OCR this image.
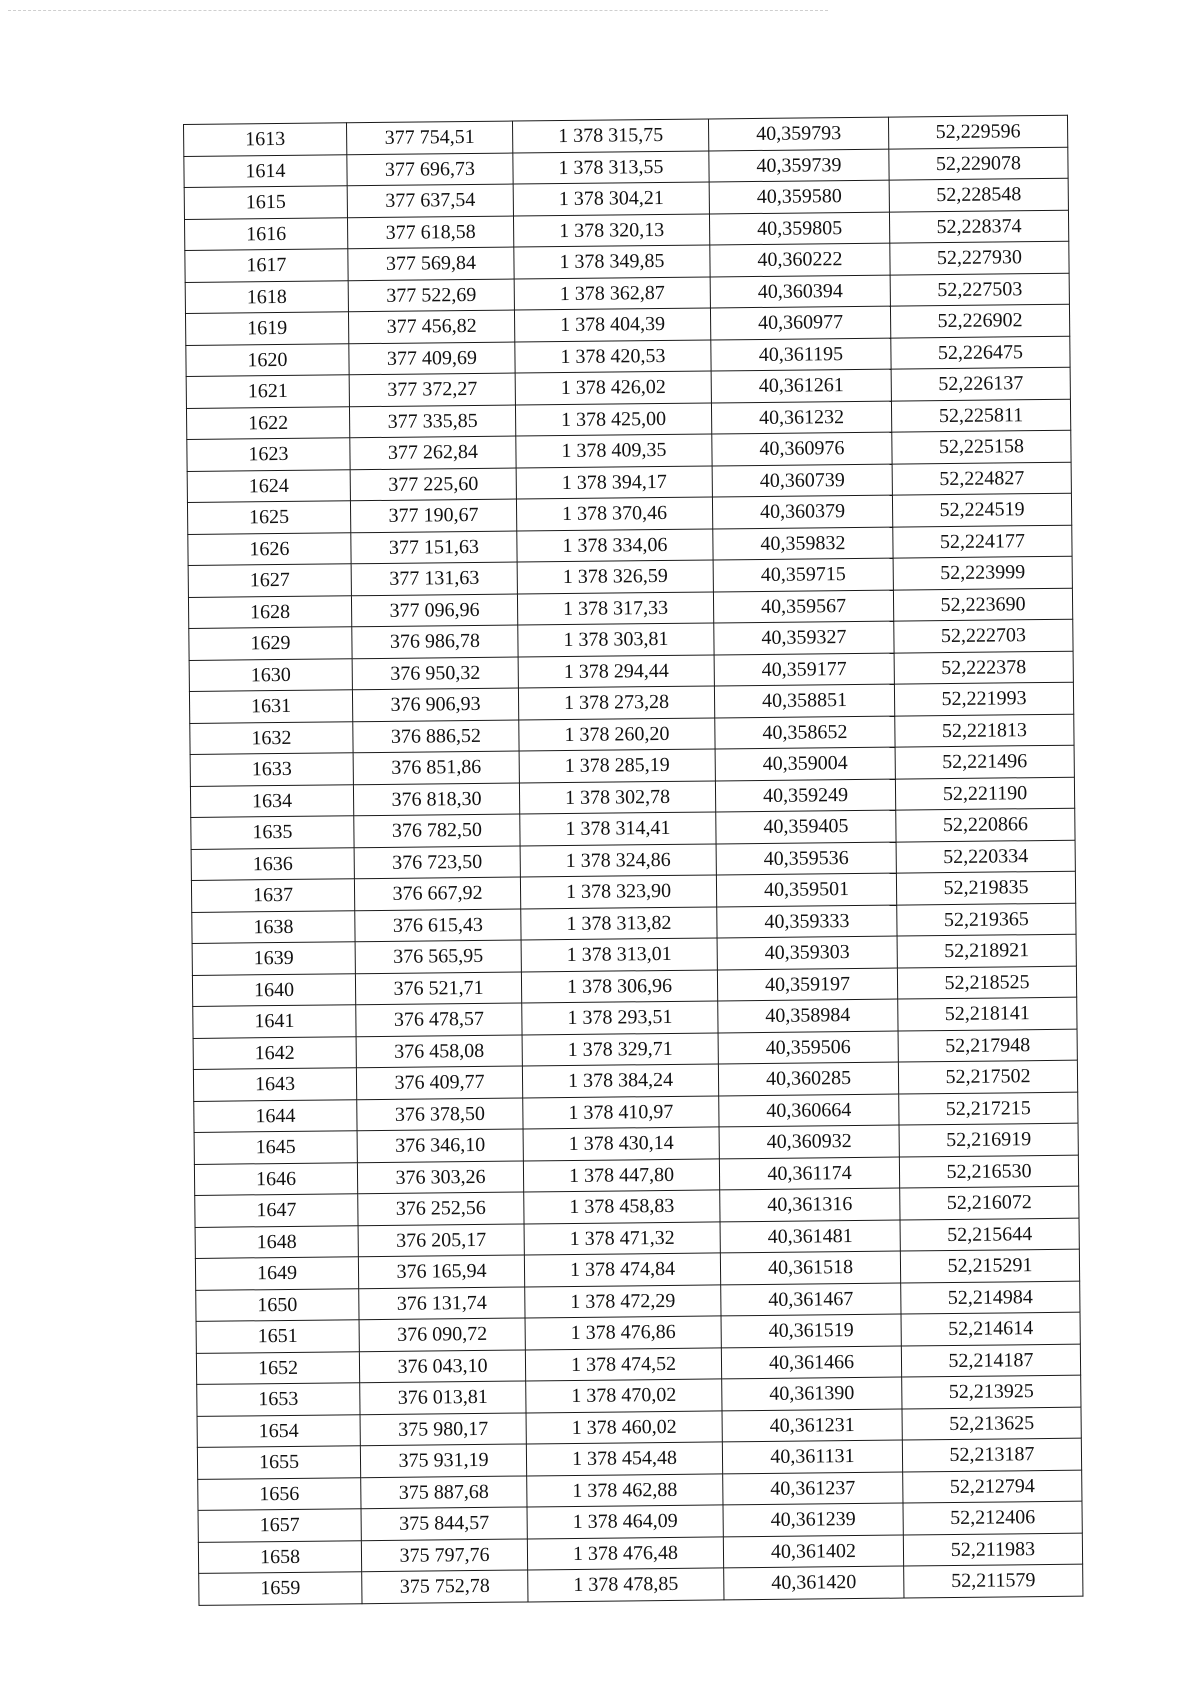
1613	377 754,51	1 378 315,75	40,359793	52,229596
1614	377 696,73	1 378 313,55	40,359739	52,229078
1615	377 637,54	1 378 304,21	40,359580	52,228548
1616	377 618,58	1 378 320,13	40,359805	52,228374
1617	377 569,84	1 378 349,85	40,360222	52,227930
1618	377 522,69	1 378 362,87	40,360394	52,227503
1619	377 456,82	1 378 404,39	40,360977	52,226902
1620	377 409,69	1 378 420,53	40,361195	52,226475
1621	377 372,27	1 378 426,02	40,361261	52,226137
1622	377 335,85	1 378 425,00	40,361232	52,225811
1623	377 262,84	1 378 409,35	40,360976	52,225158
1624	377 225,60	1 378 394,17	40,360739	52,224827
1625	377 190,67	1 378 370,46	40,360379	52,224519
1626	377 151,63	1 378 334,06	40,359832	52,224177
1627	377 131,63	1 378 326,59	40,359715	52,223999
1628	377 096,96	1 378 317,33	40,359567	52,223690
1629	376 986,78	1 378 303,81	40,359327	52,222703
1630	376 950,32	1 378 294,44	40,359177	52,222378
1631	376 906,93	1 378 273,28	40,358851	52,221993
1632	376 886,52	1 378 260,20	40,358652	52,221813
1633	376 851,86	1 378 285,19	40,359004	52,221496
1634	376 818,30	1 378 302,78	40,359249	52,221190
1635	376 782,50	1 378 314,41	40,359405	52,220866
1636	376 723,50	1 378 324,86	40,359536	52,220334
1637	376 667,92	1 378 323,90	40,359501	52,219835
1638	376 615,43	1 378 313,82	40,359333	52,219365
1639	376 565,95	1 378 313,01	40,359303	52,218921
1640	376 521,71	1 378 306,96	40,359197	52,218525
1641	376 478,57	1 378 293,51	40,358984	52,218141
1642	376 458,08	1 378 329,71	40,359506	52,217948
1643	376 409,77	1 378 384,24	40,360285	52,217502
1644	376 378,50	1 378 410,97	40,360664	52,217215
1645	376 346,10	1 378 430,14	40,360932	52,216919
1646	376 303,26	1 378 447,80	40,361174	52,216530
1647	376 252,56	1 378 458,83	40,361316	52,216072
1648	376 205,17	1 378 471,32	40,361481	52,215644
1649	376 165,94	1 378 474,84	40,361518	52,215291
1650	376 131,74	1 378 472,29	40,361467	52,214984
1651	376 090,72	1 378 476,86	40,361519	52,214614
1652	376 043,10	1 378 474,52	40,361466	52,214187
1653	376 013,81	1 378 470,02	40,361390	52,213925
1654	375 980,17	1 378 460,02	40,361231	52,213625
1655	375 931,19	1 378 454,48	40,361131	52,213187
1656	375 887,68	1 378 462,88	40,361237	52,212794
1657	375 844,57	1 378 464,09	40,361239	52,212406
1658	375 797,76	1 378 476,48	40,361402	52,211983
1659	375 752,78	1 378 478,85	40,361420	52,211579
